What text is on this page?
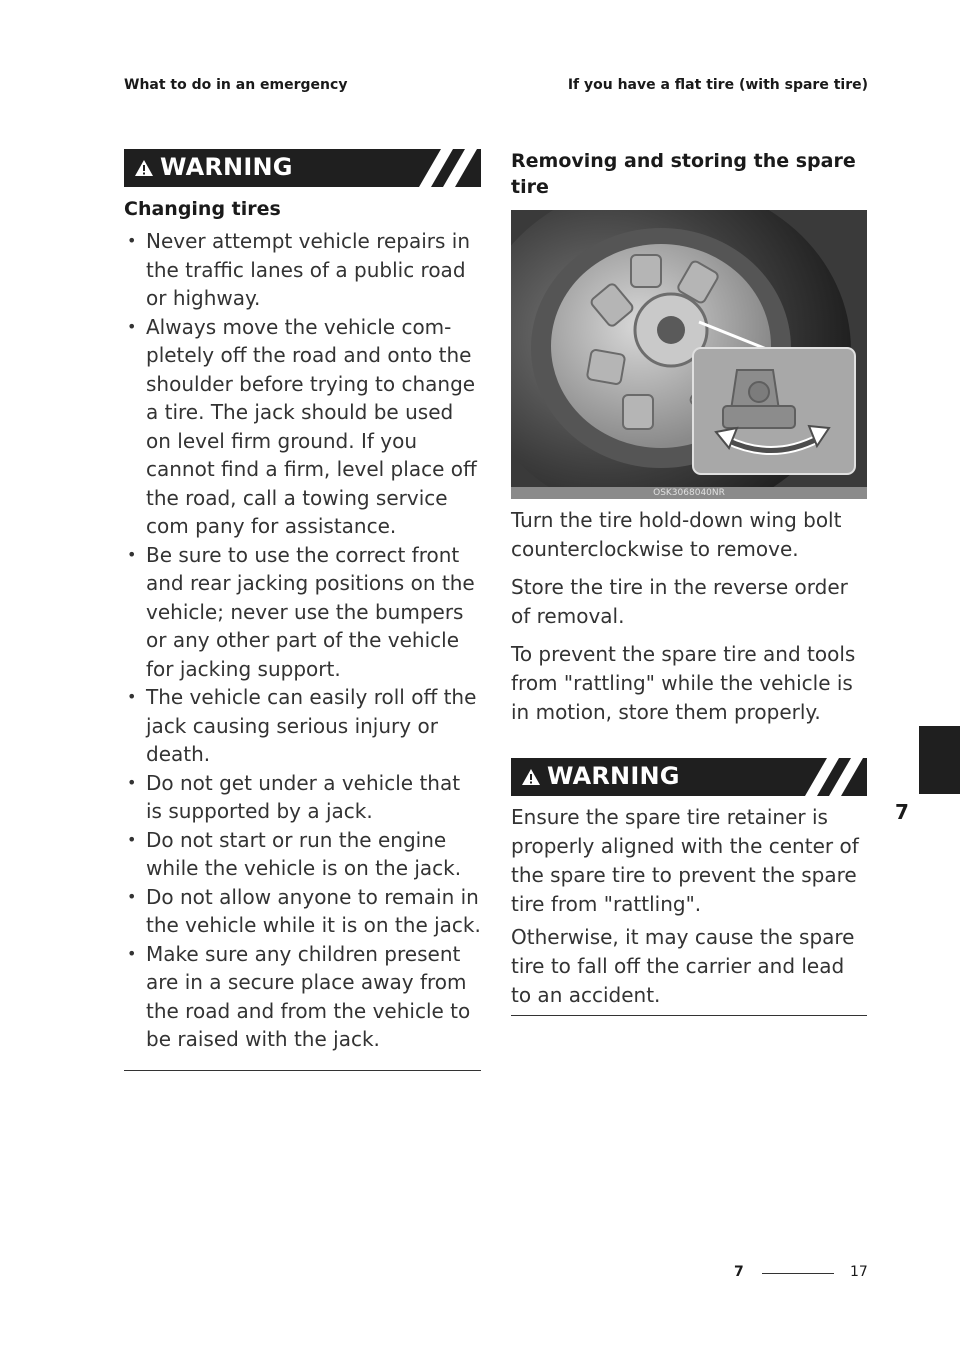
What to do in an emergency	If you have a flat tire (with spare tire)
WARNING
Changing tires
• Never attempt vehicle repairs in the traffic lanes of a public road or highway.
• Always move the vehicle com pletely off the road and onto the shoulder before trying to change a tire. The jack should be used on level firm ground. If you cannot find a firm, level place off the road, call a towing service com pany for assistance.
• Be sure to use the correct front and rear jacking positions on the vehicle; never use the bumpers or any other part of the vehicle for jacking support.
• The vehicle can easily roll off the jack causing serious injury or death.
• Do not get under a vehicle that is supported by a jack.
• Do not start or run the engine while the vehicle is on the jack.
• Do not allow anyone to remain in the vehicle while it is on the jack.
• Make sure any children present are in a secure place away from the road and from the vehicle to be raised with the jack.
Removing and storing the spare tire
OSK3068040NR

Turn the tire hold-down wing bolt counterclockwise to remove.

Store the tire in the reverse order of removal.

To prevent the spare tire and tools from "rattling" while the vehicle is in motion, store them properly.

WARNING

Ensure the spare tire retainer is properly aligned with the center of the spare tire to prevent the spare tire from "rattling".

Otherwise, it may cause the spare tire to fall off the carrier and lead to an accident.

7
7	17
